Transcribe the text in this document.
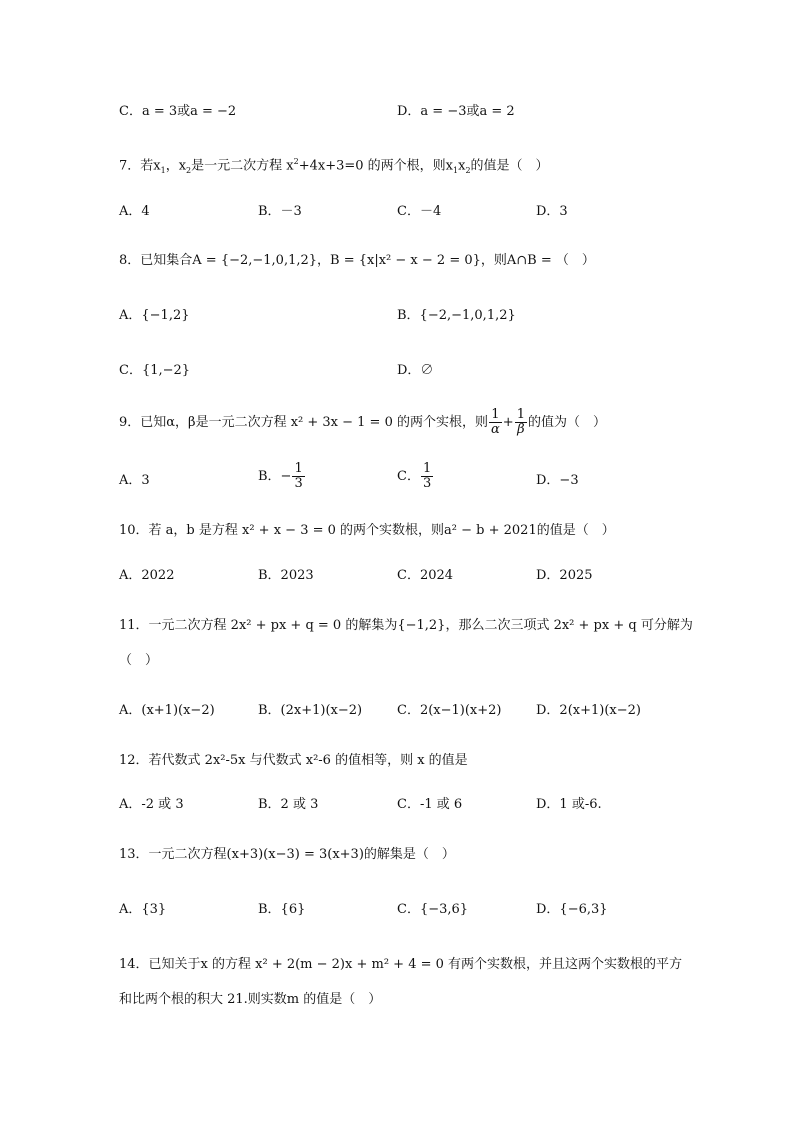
C．a = 3或a = −2	D．a = −3或a = 2
7．若$x_1$，$x_2$是一元二次方程 $x^2+4x+3=0$ 的两个根，则$x_1x_2$的值是（　）
A．4	B．－3	C．－4	D．3
8．已知集合A = {−2,−1,0,1,2}，B = {x|x² − x − 2 = 0}，则A∩B = （　）
A．{−1,2}	B．{−2,−1,0,1,2}
C．{1,−2}	D．∅
9．已知α，β是一元二次方程 x² + 3x − 1 = 0 的两个实根，则 $\frac{1}{\alpha} + \frac{1}{\beta}$ 的值为（　）
A．3	B．− $\frac{1}{3}$	C． $\frac{1}{3}$	D．−3
10．若 a，b 是方程 x² + x − 3 = 0 的两个实数根，则a² − b + 2021的值是（　）
A．2022	B．2023	C．2024	D．2025
11．一元二次方程 2x² + px + q = 0 的解集为{−1,2}，那么二次三项式 2x² + px + q 可分解为
（　）
A．(x+1)(x−2)	B．(2x+1)(x−2)	C．2(x−1)(x+2)	D．2(x+1)(x−2)
12．若代数式 2x²-5x 与代数式 x²-6 的值相等，则 x 的值是
A．-2 或 3	B．2 或 3	C．-1 或 6	D．1 或-6.
13．一元二次方程(x+3)(x−3) = 3(x+3)的解集是（　）
A．{3}	B．{6}	C．{−3,6}	D．{−6,3}
14．已知关于x 的方程 x² + 2(m − 2)x + m² + 4 = 0 有两个实数根，并且这两个实数根的平方
和比两个根的积大 21.则实数m 的值是（　）
